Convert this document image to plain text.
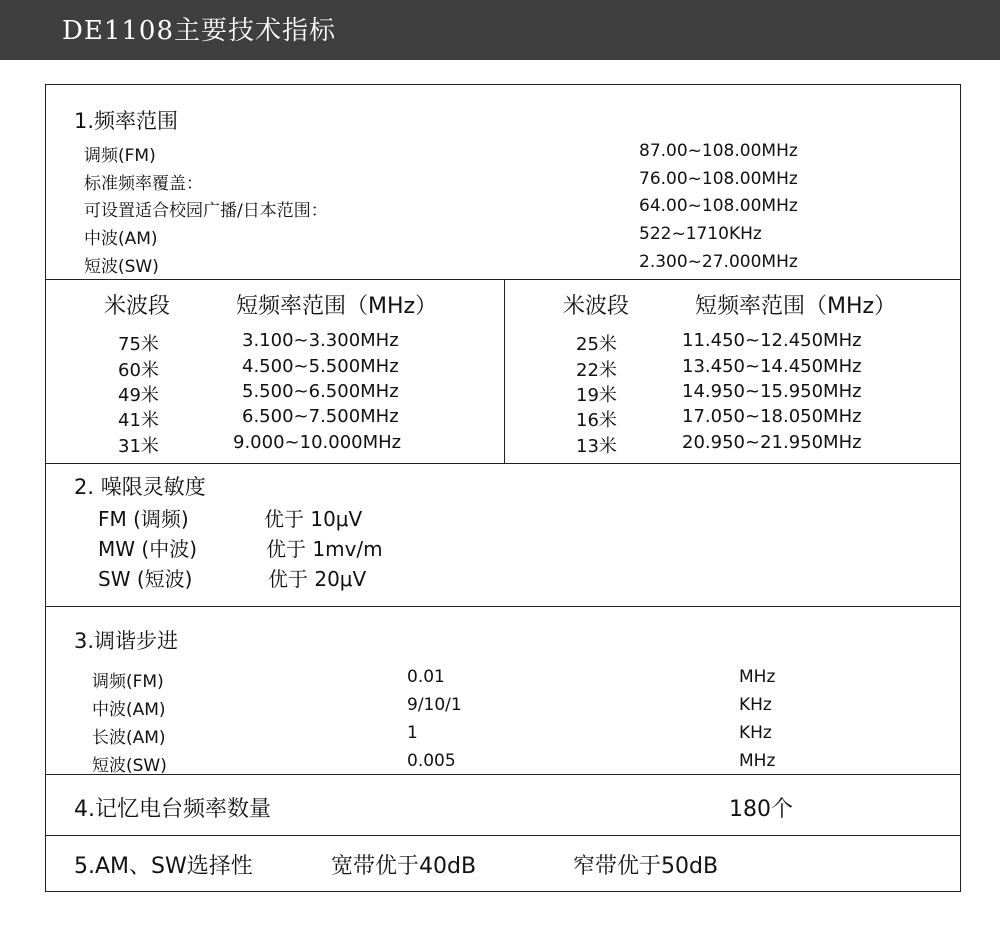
DE1108主要技术指标
1.频率范围
调频(FM)	87.00~108.00MHz
标准频率覆盖：	76.00~108.00MHz
可设置适合校园广播/日本范围：	64.00~108.00MHz
中波(AM)	522~1710KHz
短波(SW)	2.300~27.000MHz
米波段	短频率范围（MHz）	米波段	短频率范围（MHz）
75米	3.100~3.300MHz
60米	4.500~5.500MHz
49米	5.500~6.500MHz
41米	6.500~7.500MHz
31米	9.000~10.000MHz
25米	11.450~12.450MHz
22米	13.450~14.450MHz
19米	14.950~15.950MHz
16米	17.050~18.050MHz
13米	20.950~21.950MHz
2. 噪限灵敏度
FM (调频)	优于 10μV
MW (中波)	优于 1mv/m
SW (短波)	优于 20μV
3.调谐步进
调频(FM)	0.01	MHz
中波(AM)	9/10/1	KHz
长波(AM)	1	KHz
短波(SW)	0.005	MHz
4.记忆电台频率数量	180个
5.AM、SW选择性	宽带优于40dB	窄带优于50dB
